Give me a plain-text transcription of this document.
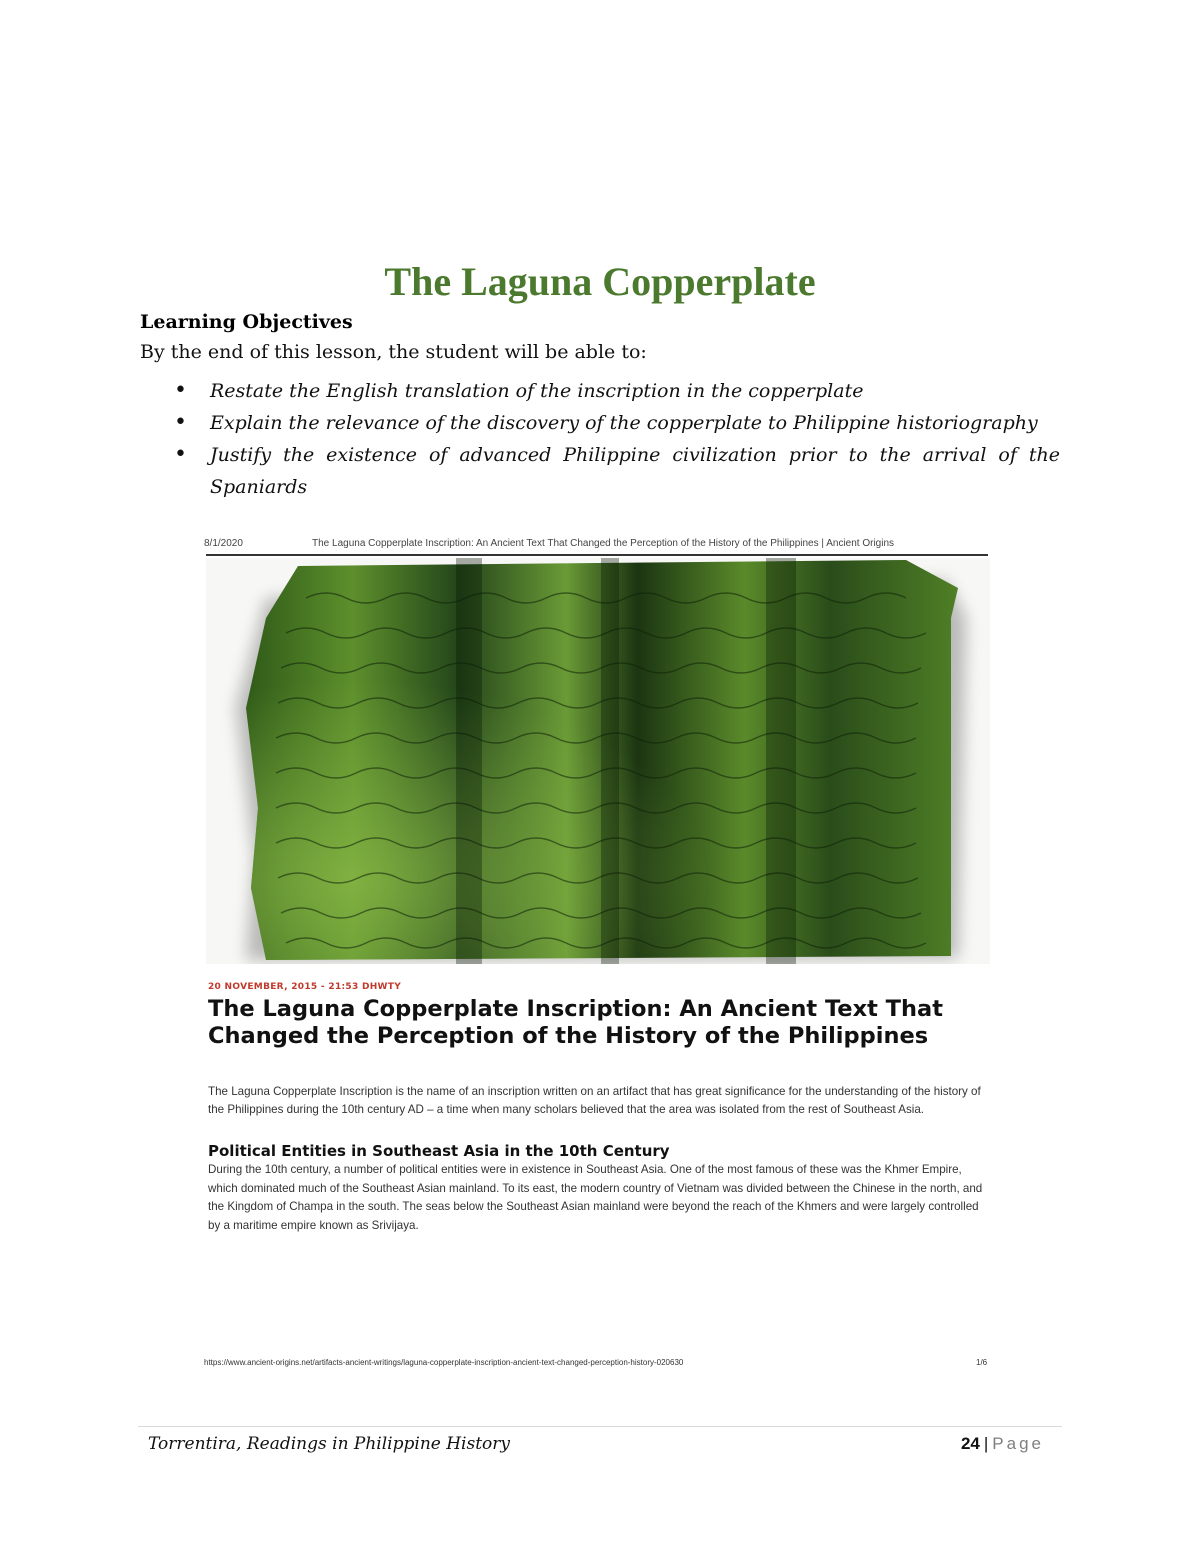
The Laguna Copperplate
Learning Objectives
By the end of this lesson, the student will be able to:
• Restate the English translation of the inscription in the copperplate
• Explain the relevance of the discovery of the copperplate to Philippine historiography
• Justify the existence of advanced Philippine civilization prior to the arrival of the Spaniards
8/1/2020	The Laguna Copperplate Inscription: An Ancient Text That Changed the Perception of the History of the Philippines | Ancient Origins
20 NOVEMBER, 2015 - 21:53 DHWTY
The Laguna Copperplate Inscription: An Ancient Text That Changed the Perception of the History of the Philippines
The Laguna Copperplate Inscription is the name of an inscription written on an artifact that has great significance for the understanding of the history of the Philippines during the 10th century AD – a time when many scholars believed that the area was isolated from the rest of Southeast Asia.
Political Entities in Southeast Asia in the 10th Century
During the 10th century, a number of political entities were in existence in Southeast Asia. One of the most famous of these was the Khmer Empire, which dominated much of the Southeast Asian mainland. To its east, the modern country of Vietnam was divided between the Chinese in the north, and the Kingdom of Champa in the south. The seas below the Southeast Asian mainland were beyond the reach of the Khmers and were largely controlled by a maritime empire known as Srivijaya.
https://www.ancient-origins.net/artifacts-ancient-writings/laguna-copperplate-inscription-ancient-text-changed-perception-history-020630	1/6
Torrentira, Readings in Philippine History	24 | Page
